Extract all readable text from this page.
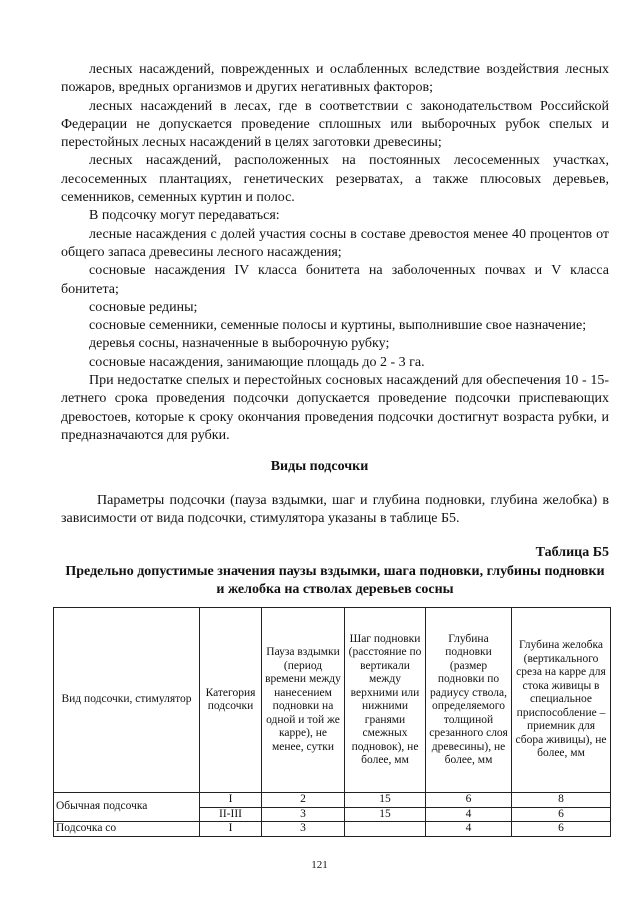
лесных насаждений, поврежденных и ослабленных вследствие воздействия лесных пожаров, вредных организмов и других негативных факторов;

лесных насаждений в лесах, где в соответствии с законодательством Российской Федерации не допускается проведение сплошных или выборочных рубок спелых и перестойных лесных насаждений в целях заготовки древесины;

лесных насаждений, расположенных на постоянных лесосеменных участках, лесосеменных плантациях, генетических резерватах, а также плюсовых деревьев, семенников, семенных куртин и полос.

В подсочку могут передаваться:

лесные насаждения с долей участия сосны в составе древостоя менее 40 процентов от общего запаса древесины лесного насаждения;

сосновые насаждения IV класса бонитета на заболоченных почвах и V класса бонитета;

сосновые редины;

сосновые семенники, семенные полосы и куртины, выполнившие свое назначение;

деревья сосны, назначенные в выборочную рубку;

сосновые насаждения, занимающие площадь до 2 - 3 га.

При недостатке спелых и перестойных сосновых насаждений для обеспечения 10 - 15-летнего срока проведения подсочки допускается проведение подсочки приспевающих древостоев, которые к сроку окончания проведения подсочки достигнут возраста рубки, и предназначаются для рубки.

Виды подсочки

Параметры подсочки (пауза вздымки, шаг и глубина подновки, глубина желобка) в зависимости от вида подсочки, стимулятора указаны в таблице Б5.

Таблица Б5
Предельно допустимые значения паузы вздымки, шага подновки, глубины подновки и желобка на стволах деревьев сосны
Вид подсочки, стимулятор	Категория подсочки	Пауза вздымки (период времени между нанесением подновки на одной и той же карре), не менее, сутки	Шаг подновки (расстояние по вертикали между верхними или нижними гранями смежных подновок), не более, мм	Глубина подновки (размер подновки по радиусу ствола, определяемого толщиной срезанного слоя древесины), не более, мм	Глубина желобка (вертикального среза на карре для стока живицы в специальное приспособление – приемник для сбора живицы), не более, мм
Обычная подсочка	I	2	15	6	8
	II-III	3	15	4	6
Подсочка со	I	3		4	6
121
